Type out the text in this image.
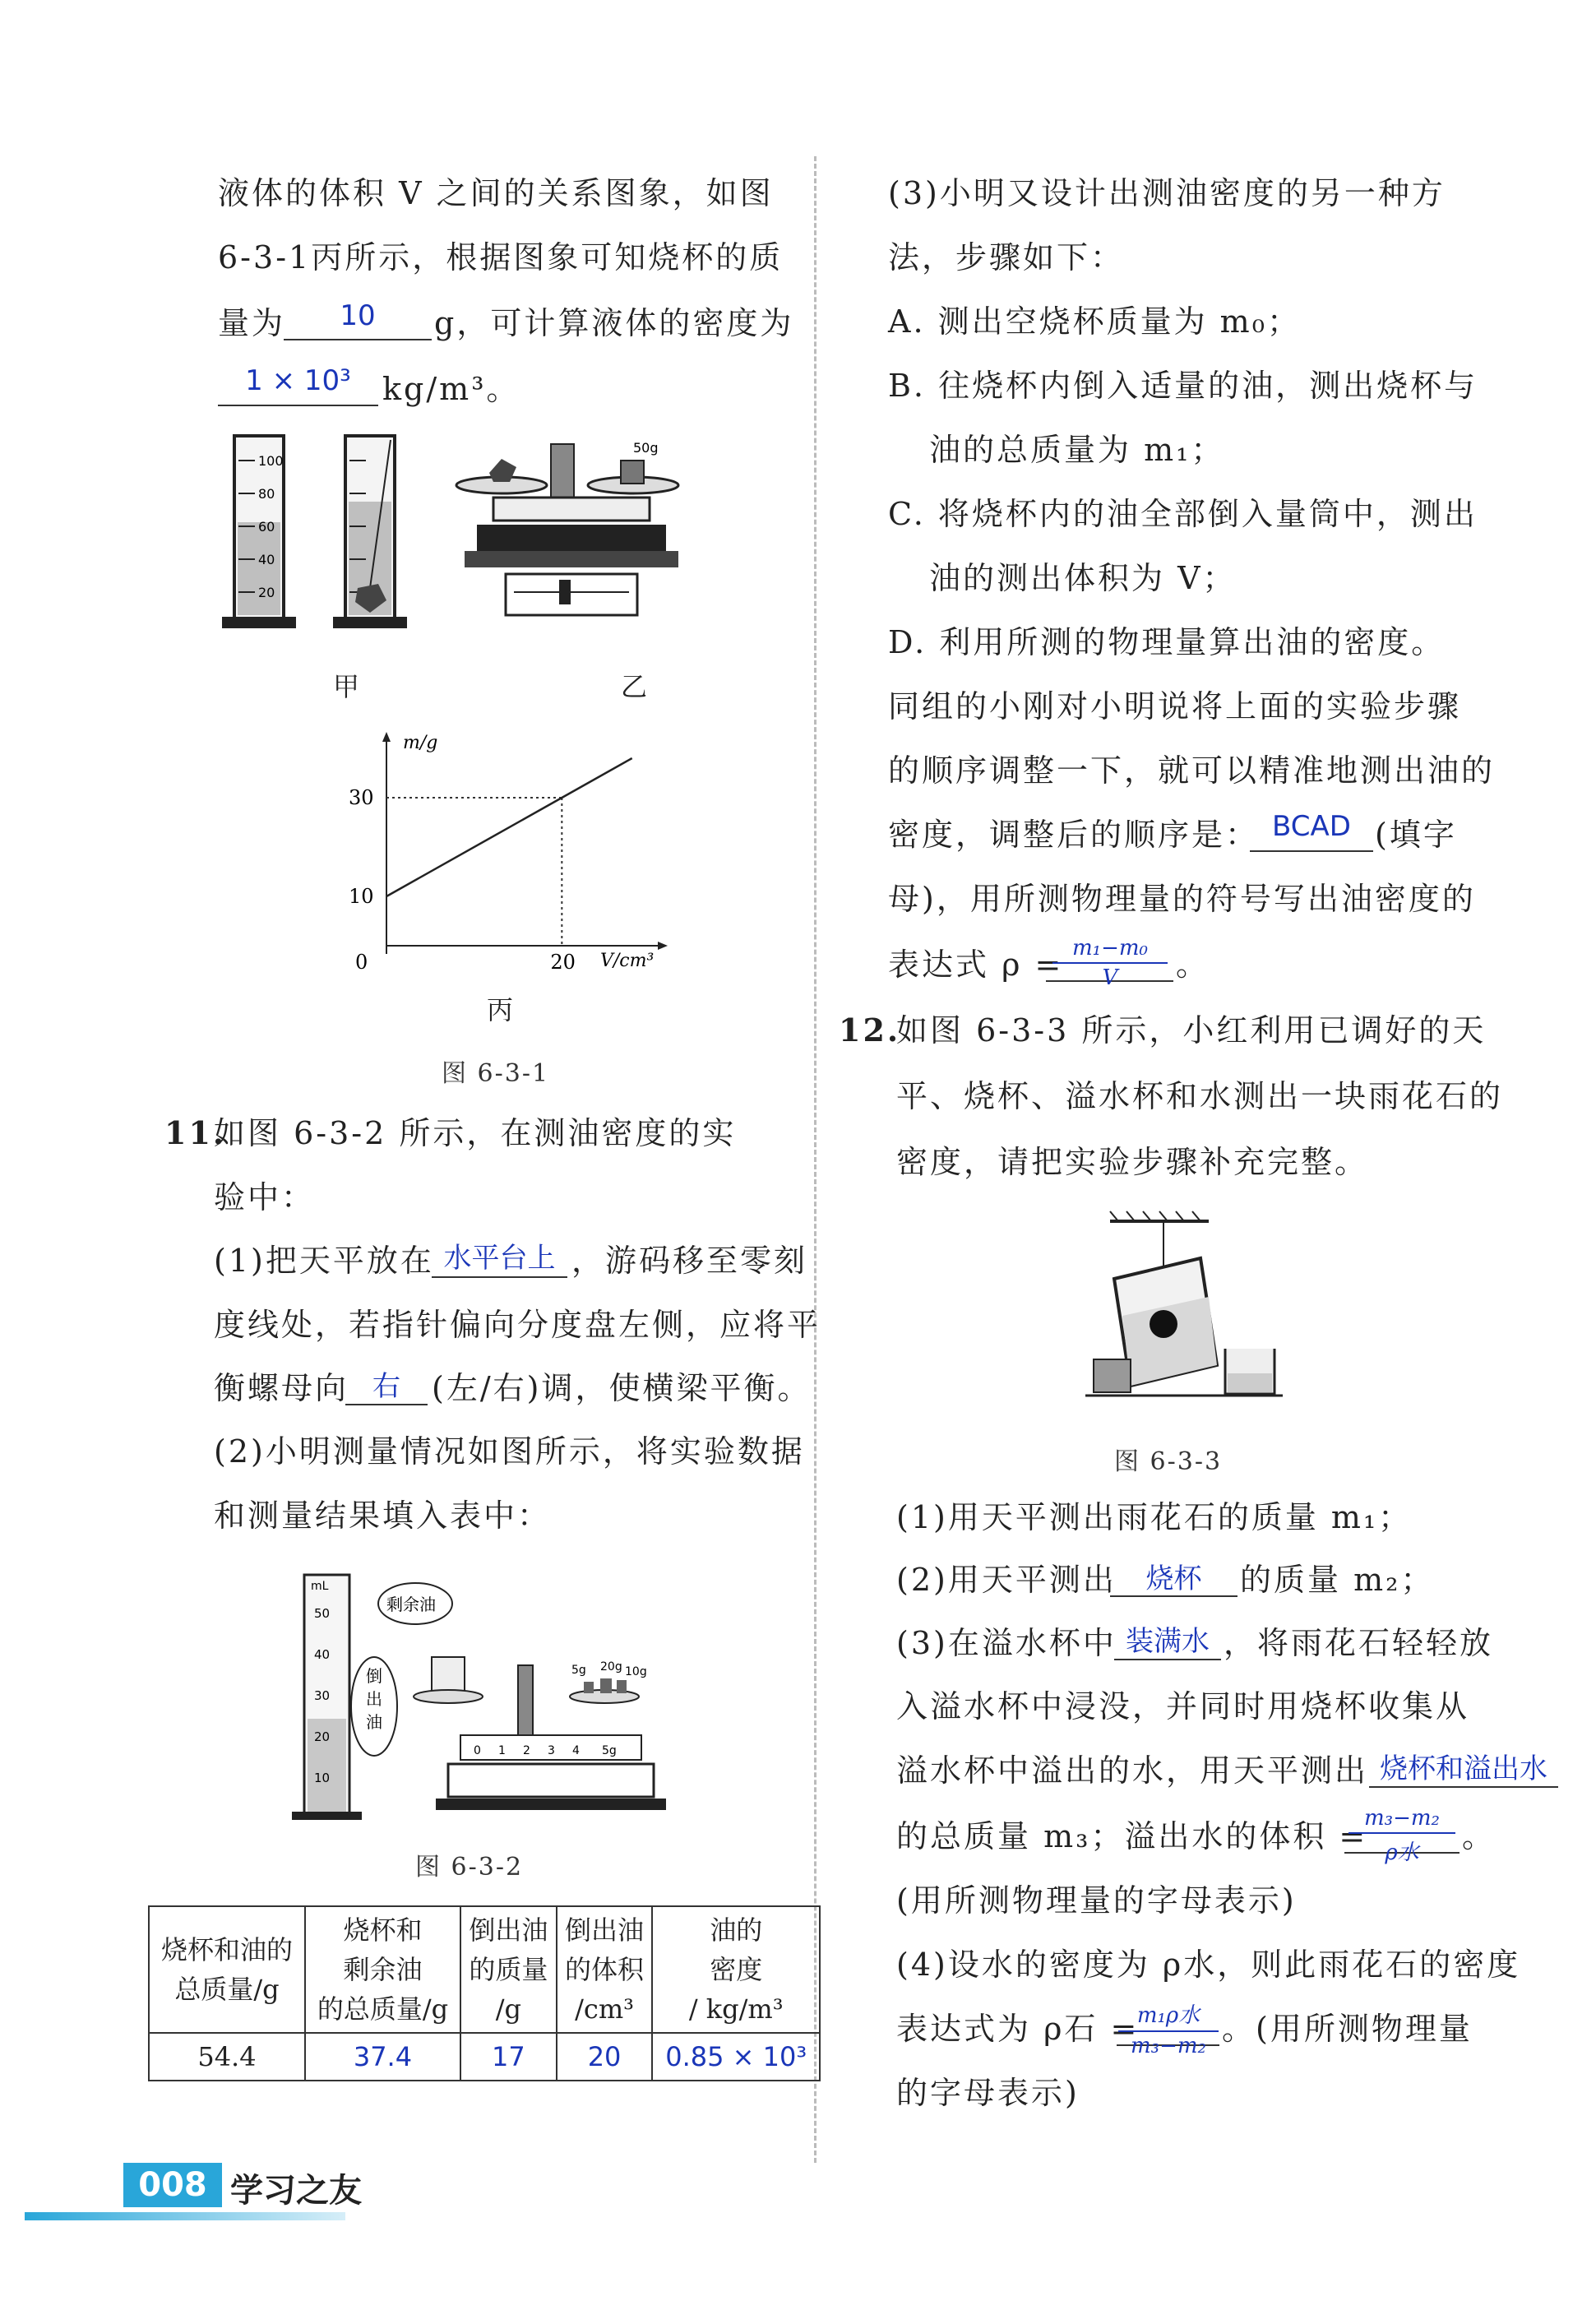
液体的体积 V 之间的关系图象，如图
6-3-1丙所示，根据图象可知烧杯的质
量为	10	g，可计算液体的密度为
1 × 10³	kg/m³。
100
80
60
40
20
50g
甲	乙
m/g
V/cm³
0	20
10
30
丙
图 6-3-1
11.
如图 6-3-2 所示，在测油密度的实
验中：
(1)把天平放在 水平台上 ，游码移至零刻
度线处，若指针偏向分度盘左侧，应将平
衡螺母向 右	(左/右)调，使横梁平衡。
(2)小明测量情况如图所示，将实验数据
和测量结果填入表中：
mL
50
40
30
20
10
倒
出
油
剩余油
5g 20g 10g
0 1 2 3 4 5g
图 6-3-2
烧杯和油的
总质量/g	烧杯和
剩余油
的总质量/g	倒出油
的质量
/g	倒出油
的体积
/cm³	油的
密度
/ kg/m³
54.4	37.4	17	20	0.85 × 10³
(3)小明又设计出测油密度的另一种方
法，步骤如下：
A. 测出空烧杯质量为 m₀；
B. 往烧杯内倒入适量的油，测出烧杯与
油的总质量为 m₁；
C. 将烧杯内的油全部倒入量筒中，测出
油的测出体积为 V；
D. 利用所测的物理量算出油的密度。
同组的小刚对小明说将上面的实验步骤
的顺序调整一下，就可以精准地测出油的
密度，调整后的顺序是： BCAD (填字
母)，用所测物理量的符号写出油密度的
表达式 ρ = m₁−m₀
V	。
12.
如图 6-3-3 所示，小红利用已调好的天
平、烧杯、溢水杯和水测出一块雨花石的
密度，请把实验步骤补充完整。
图 6-3-3
(1)用天平测出雨花石的质量 m₁；
(2)用天平测出	烧杯	的质量 m₂；
(3)在溢水杯中 装满水 ，将雨花石轻轻放
入溢水杯中浸没，并同时用烧杯收集从
溢水杯中溢出的水，用天平测出 烧杯和溢出水
的总质量 m₃；溢出水的体积 =
m₃−m₂
ρ水	。
(用所测物理量的字母表示)
(4)设水的密度为 ρ水，则此雨花石的密度
表达式为 ρ石 =
m₁ρ水
m₃−m₂ 。(用所测物理量
的字母表示)
008 学习之友
